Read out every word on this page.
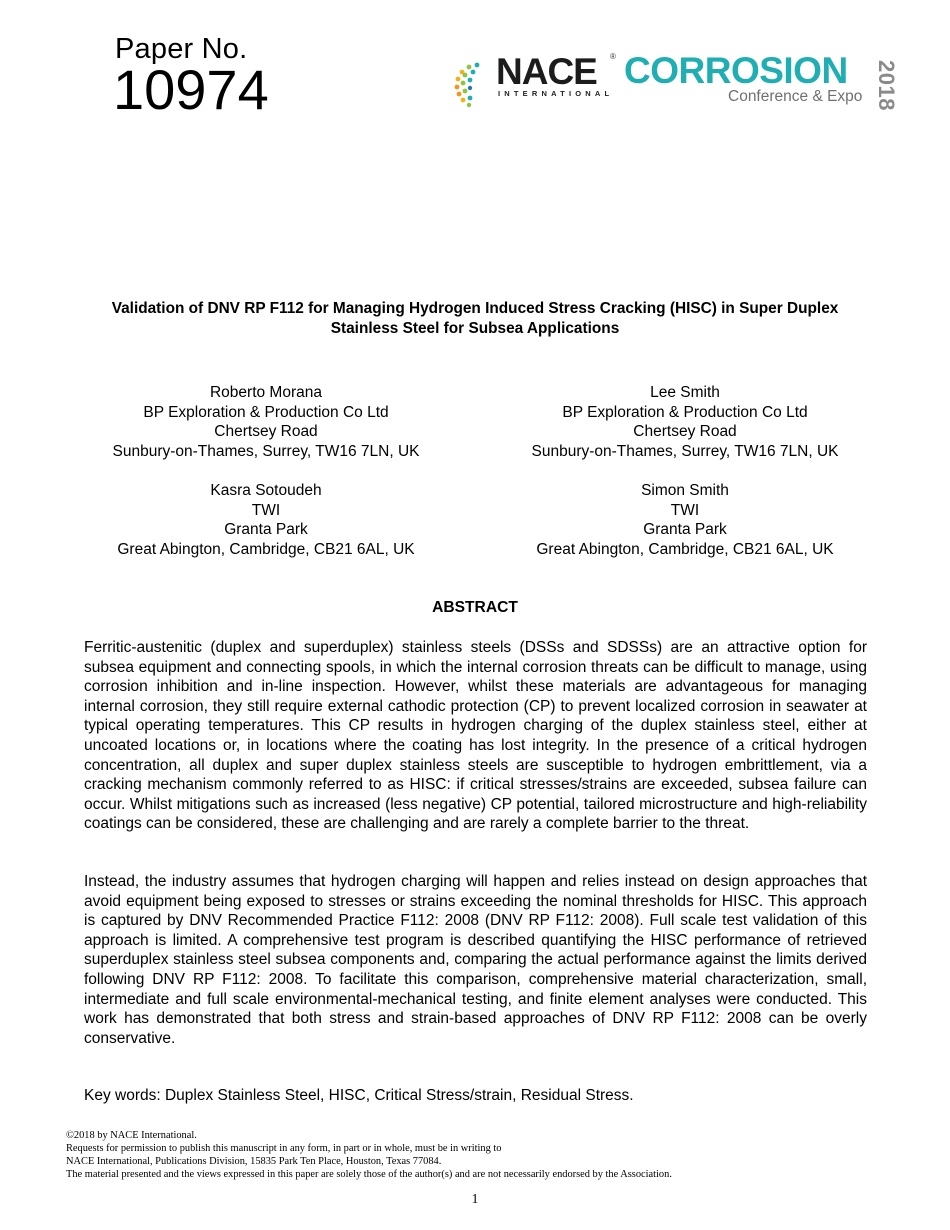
Paper No.
10974	NACE ®
INTERNATIONAL
CORROSION
Conference & Expo 2018
Validation of DNV RP F112 for Managing Hydrogen Induced Stress Cracking (HISC) in Super Duplex Stainless Steel for Subsea Applications
Roberto Morana
BP Exploration & Production Co Ltd
Chertsey Road
Sunbury-on-Thames, Surrey, TW16 7LN, UK
Lee Smith
BP Exploration & Production Co Ltd
Chertsey Road
Sunbury-on-Thames, Surrey, TW16 7LN, UK
Kasra Sotoudeh
TWI
Granta Park
Great Abington, Cambridge, CB21 6AL, UK
Simon Smith
TWI
Granta Park
Great Abington, Cambridge, CB21 6AL, UK
ABSTRACT
Ferritic-austenitic (duplex and superduplex) stainless steels (DSSs and SDSSs) are an attractive option for subsea equipment and connecting spools, in which the internal corrosion threats can be difficult to manage, using corrosion inhibition and in-line inspection. However, whilst these materials are advantageous for managing internal corrosion, they still require external cathodic protection (CP) to prevent localized corrosion in seawater at typical operating temperatures. This CP results in hydrogen charging of the duplex stainless steel, either at uncoated locations or, in locations where the coating has lost integrity. In the presence of a critical hydrogen concentration, all duplex and super duplex stainless steels are susceptible to hydrogen embrittlement, via a cracking mechanism commonly referred to as HISC: if critical stresses/strains are exceeded, subsea failure can occur. Whilst mitigations such as increased (less negative) CP potential, tailored microstructure and high-reliability coatings can be considered, these are challenging and are rarely a complete barrier to the threat.
Instead, the industry assumes that hydrogen charging will happen and relies instead on design approaches that avoid equipment being exposed to stresses or strains exceeding the nominal thresholds for HISC. This approach is captured by DNV Recommended Practice F112: 2008 (DNV RP F112: 2008). Full scale test validation of this approach is limited. A comprehensive test program is described quantifying the HISC performance of retrieved superduplex stainless steel subsea components and, comparing the actual performance against the limits derived following DNV RP F112: 2008. To facilitate this comparison, comprehensive material characterization, small, intermediate and full scale environmental-mechanical testing, and finite element analyses were conducted. This work has demonstrated that both stress and strain-based approaches of DNV RP F112: 2008 can be overly conservative.
Key words: Duplex Stainless Steel, HISC, Critical Stress/strain, Residual Stress.
©2018 by NACE International.
Requests for permission to publish this manuscript in any form, in part or in whole, must be in writing to
NACE International, Publications Division, 15835 Park Ten Place, Houston, Texas 77084.
The material presented and the views expressed in this paper are solely those of the author(s) and are not necessarily endorsed by the Association.
1
